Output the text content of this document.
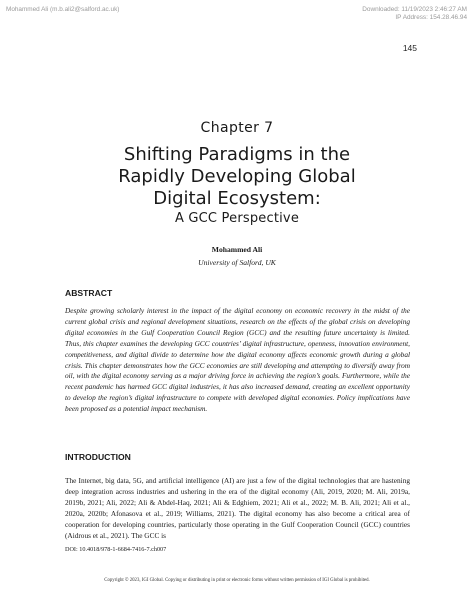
Mohammed Ali (m.b.ali2@salford.ac.uk)	Downloaded: 11/19/2023 2:46:27 AM
IP Address: 154.28.46.94
145
Chapter 7
Shifting Paradigms in the
Rapidly Developing Global
Digital Ecosystem:
A GCC Perspective
Mohammed Ali
University of Salford, UK
ABSTRACT

Despite growing scholarly interest in the impact of the digital economy on economic recovery in the midst of the current global crisis and regional development situations, research on the effects of the global crisis on developing digital economies in the Gulf Cooperation Council Region (GCC) and the resulting future uncertainty is limited. Thus, this chapter examines the developing GCC countries’ digital infrastructure, openness, innovation environment, competitiveness, and digital divide to determine how the digital economy affects economic growth during a global crisis. This chapter demonstrates how the GCC economies are still developing and attempting to diversify away from oil, with the digital economy serving as a major driving force in achieving the region’s goals. Furthermore, while the recent pandemic has harmed GCC digital industries, it has also increased demand, creating an excellent opportunity to develop the region’s digital infrastructure to compete with developed digital economies. Policy implications have been proposed as a potential impact mechanism.

INTRODUCTION

The Internet, big data, 5G, and artificial intelligence (AI) are just a few of the digital technologies that are hastening deep integration across industries and ushering in the era of the digital economy (Ali, 2019, 2020; M. Ali, 2019a, 2019b, 2021; Ali, 2022; Ali & Abdel-Haq, 2021; Ali & Edghiem, 2021; Ali et al., 2022; M. B. Ali, 2021; Ali et al., 2020a, 2020b; Afonasova et al., 2019; Williams, 2021). The digital economy has also become a critical area of cooperation for developing countries, particularly those operating in the Gulf Cooperation Council (GCC) countries (Aidrous et al., 2021). The GCC is

DOI: 10.4018/978-1-6684-7416-7.ch007
Copyright © 2023, IGI Global. Copying or distributing in print or electronic forms without written permission of IGI Global is prohibited.
